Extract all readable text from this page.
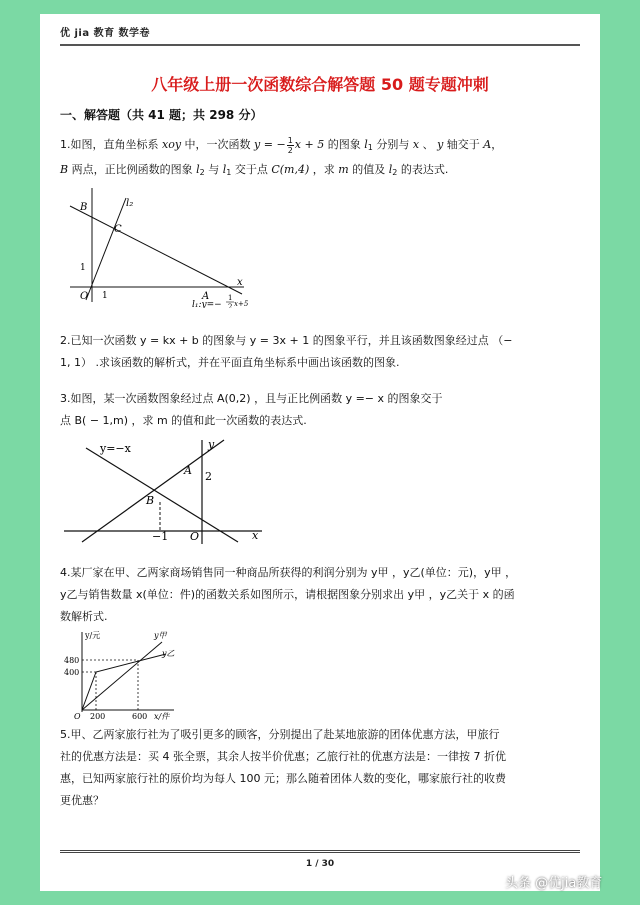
优 jia 教育 数学卷
八年级上册一次函数综合解答题 50 题专题冲刺
一、解答题（共 41 题；共 298 分）
1.如图，直角坐标系 xoy 中，一次函数 y = − $\frac{1}{2}$ x + 5 的图象 $l_1$ 分别与 x 、 y 轴交于 A，
B 两点，正比例函数的图象 $l_2$ 与 $l_1$ 交于点 C(m,4) ，求 m 的值及 $l_2$ 的表达式.
B	l₂
C
1
O 1	A
x
l₁:y=−
1
2 x+5
2.已知一次函数 y = kx + b 的图象与 y = 3x + 1 的图象平行，并且该函数图象经过点 （−
1, 1） .求该函数的解析式，并在平面直角坐标系中画出该函数的图象.
3.如图，某一次函数图象经过点 A(0,2) ，且与正比例函数 y =− x 的图象交于
点 B( − 1,m) ，求 m 的值和此一次函数的表达式.
y=−x	y
A 2
B
−1 O	x
4.某厂家在甲、乙两家商场销售同一种商品所获得的利润分别为 y甲 ，y乙(单位：元)，y甲 ，
y乙与销售数量 x(单位：件)的函数关系如图所示，请根据图象分别求出 y甲 ，y乙关于 x 的函
数解析式.
y/元	y甲
y乙
480
400
O 200	600 x/件
5.甲、乙两家旅行社为了吸引更多的顾客，分别提出了赴某地旅游的团体优惠方法，甲旅行
社的优惠方法是：买 4 张全票，其余人按半价优惠；乙旅行社的优惠方法是：一律按 7 折优
惠，已知两家旅行社的原价均为每人 100 元；那么随着团体人数的变化，哪家旅行社的收费
更优惠？
1 / 30
头条 @优jia教育
